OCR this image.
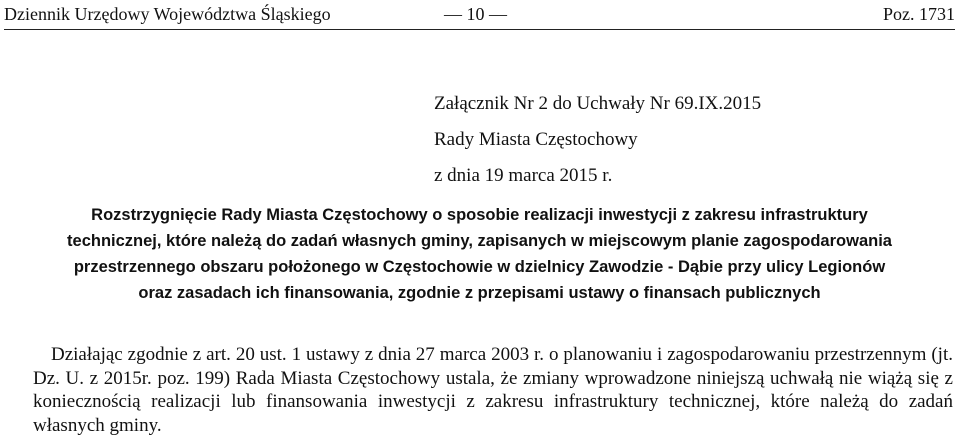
Dziennik Urzędowy Województwa Śląskiego	— 10 —	Poz. 1731
Załącznik Nr 2 do Uchwały Nr 69.IX.2015
Rady Miasta Częstochowy
z dnia 19 marca 2015 r.
Rozstrzygnięcie Rady Miasta Częstochowy o sposobie realizacji inwestycji z zakresu infrastruktury
technicznej, które należą do zadań własnych gminy, zapisanych w miejscowym planie zagospodarowania
przestrzennego obszaru położonego w Częstochowie w dzielnicy Zawodzie - Dąbie przy ulicy Legionów
oraz zasadach ich finansowania, zgodnie z przepisami ustawy o finansach publicznych
Działając zgodnie z art. 20 ust. 1 ustawy z dnia 27 marca 2003 r. o planowaniu i zagospodarowaniu przestrzennym (jt. Dz. U. z 2015r. poz. 199) Rada Miasta Częstochowy ustala, że zmiany wprowadzone niniejszą uchwałą nie wiążą się z koniecznością realizacji lub finansowania inwestycji z zakresu infrastruktury technicznej, które należą do zadań własnych gminy.
